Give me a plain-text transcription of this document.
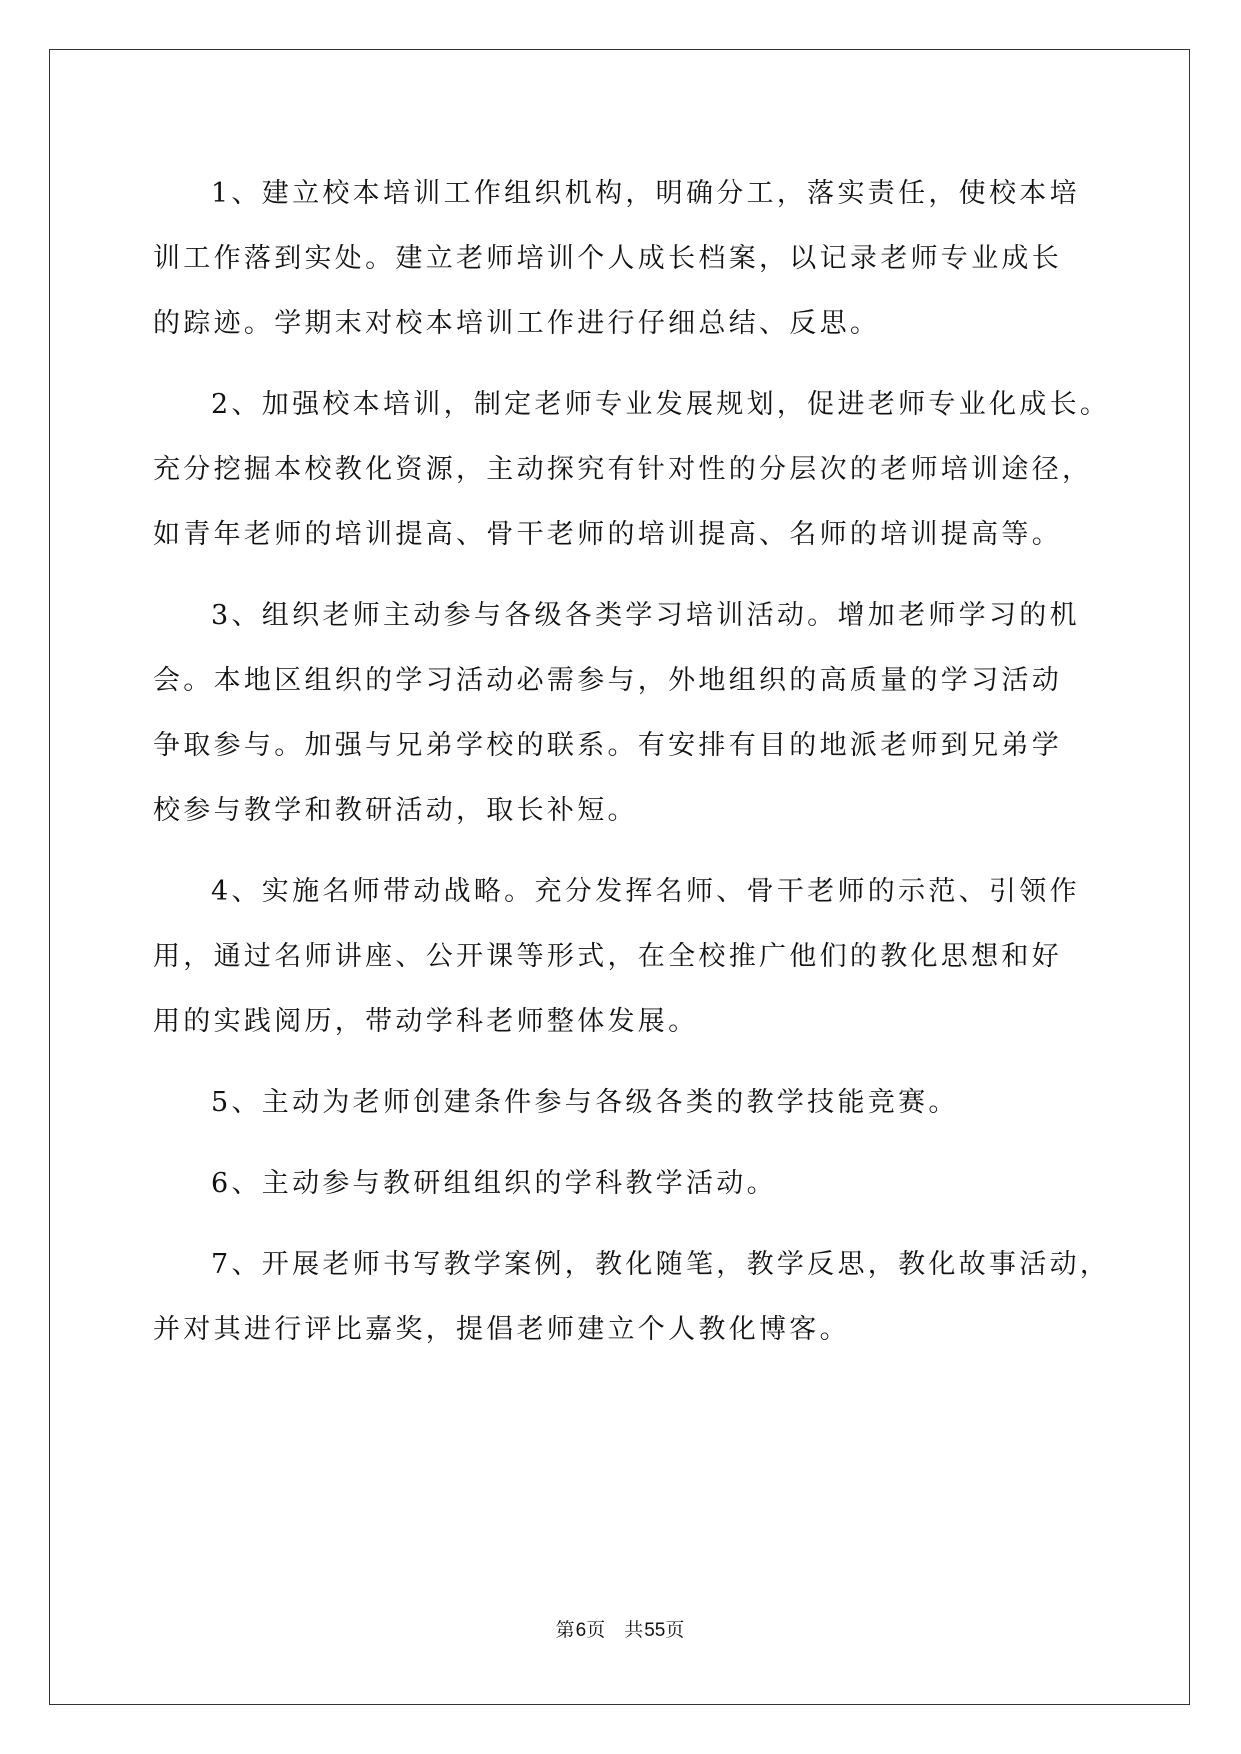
1、建立校本培训工作组织机构，明确分工，落实责任，使校本培
训工作落到实处。建立老师培训个人成长档案，以记录老师专业成长
的踪迹。学期末对校本培训工作进行仔细总结、反思。
2、加强校本培训，制定老师专业发展规划，促进老师专业化成长。
充分挖掘本校教化资源，主动探究有针对性的分层次的老师培训途径，
如青年老师的培训提高、骨干老师的培训提高、名师的培训提高等。
3、组织老师主动参与各级各类学习培训活动。增加老师学习的机
会。本地区组织的学习活动必需参与，外地组织的高质量的学习活动
争取参与。加强与兄弟学校的联系。有安排有目的地派老师到兄弟学
校参与教学和教研活动，取长补短。
4、实施名师带动战略。充分发挥名师、骨干老师的示范、引领作
用，通过名师讲座、公开课等形式，在全校推广他们的教化思想和好
用的实践阅历，带动学科老师整体发展。
5、主动为老师创建条件参与各级各类的教学技能竞赛。
6、主动参与教研组组织的学科教学活动。
7、开展老师书写教学案例，教化随笔，教学反思，教化故事活动，
并对其进行评比嘉奖，提倡老师建立个人教化博客。
第6页 共55页
